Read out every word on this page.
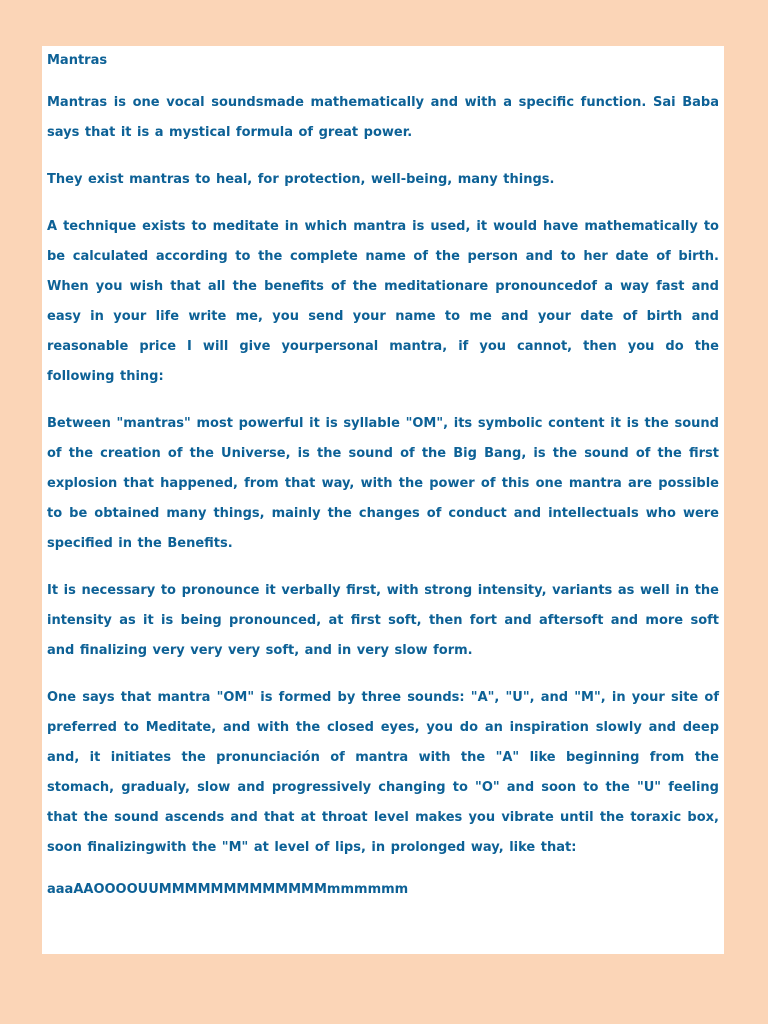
Mantras

Mantras is one vocal soundsmade mathematically and with a specific function. Sai Baba says that it is a mystical formula of great power.

They exist mantras to heal, for protection, well-being, many things.

A technique exists to meditate in which mantra is used, it would have mathematically to be calculated according to the complete name of the person and to her date of birth. When you wish that all the benefits of the meditationare pronouncedof a way fast and easy in your life write me, you send your name to me and your date of birth and reasonable price I will give yourpersonal mantra, if you cannot, then you do the following thing:

Between "mantras" most powerful it is syllable "OM", its symbolic content it is the sound of the creation of the Universe, is the sound of the Big Bang, is the sound of the first explosion that happened, from that way, with the power of this one mantra are possible to be obtained many things, mainly the changes of conduct and intellectuals who were specified in the Benefits.

It is necessary to pronounce it verbally first, with strong intensity, variants as well in the intensity as it is being pronounced, at first soft, then fort and aftersoft and more soft and finalizing very very very soft, and in very slow form.

One says that mantra "OM" is formed by three sounds: "A", "U", and "M", in your site of preferred to Meditate, and with the closed eyes, you do an inspiration slowly and deep and, it initiates the pronunciación of mantra with the "A" like beginning from the stomach, gradualy, slow and progressively changing to "O" and soon to the "U" feeling that the sound ascends and that at throat level makes you vibrate until the toraxic box, soon finalizingwith the "M" at level of lips, in prolonged way, like that:

aaaAAOOOOUUMMMMMMMMMMMMMmmmmmm
